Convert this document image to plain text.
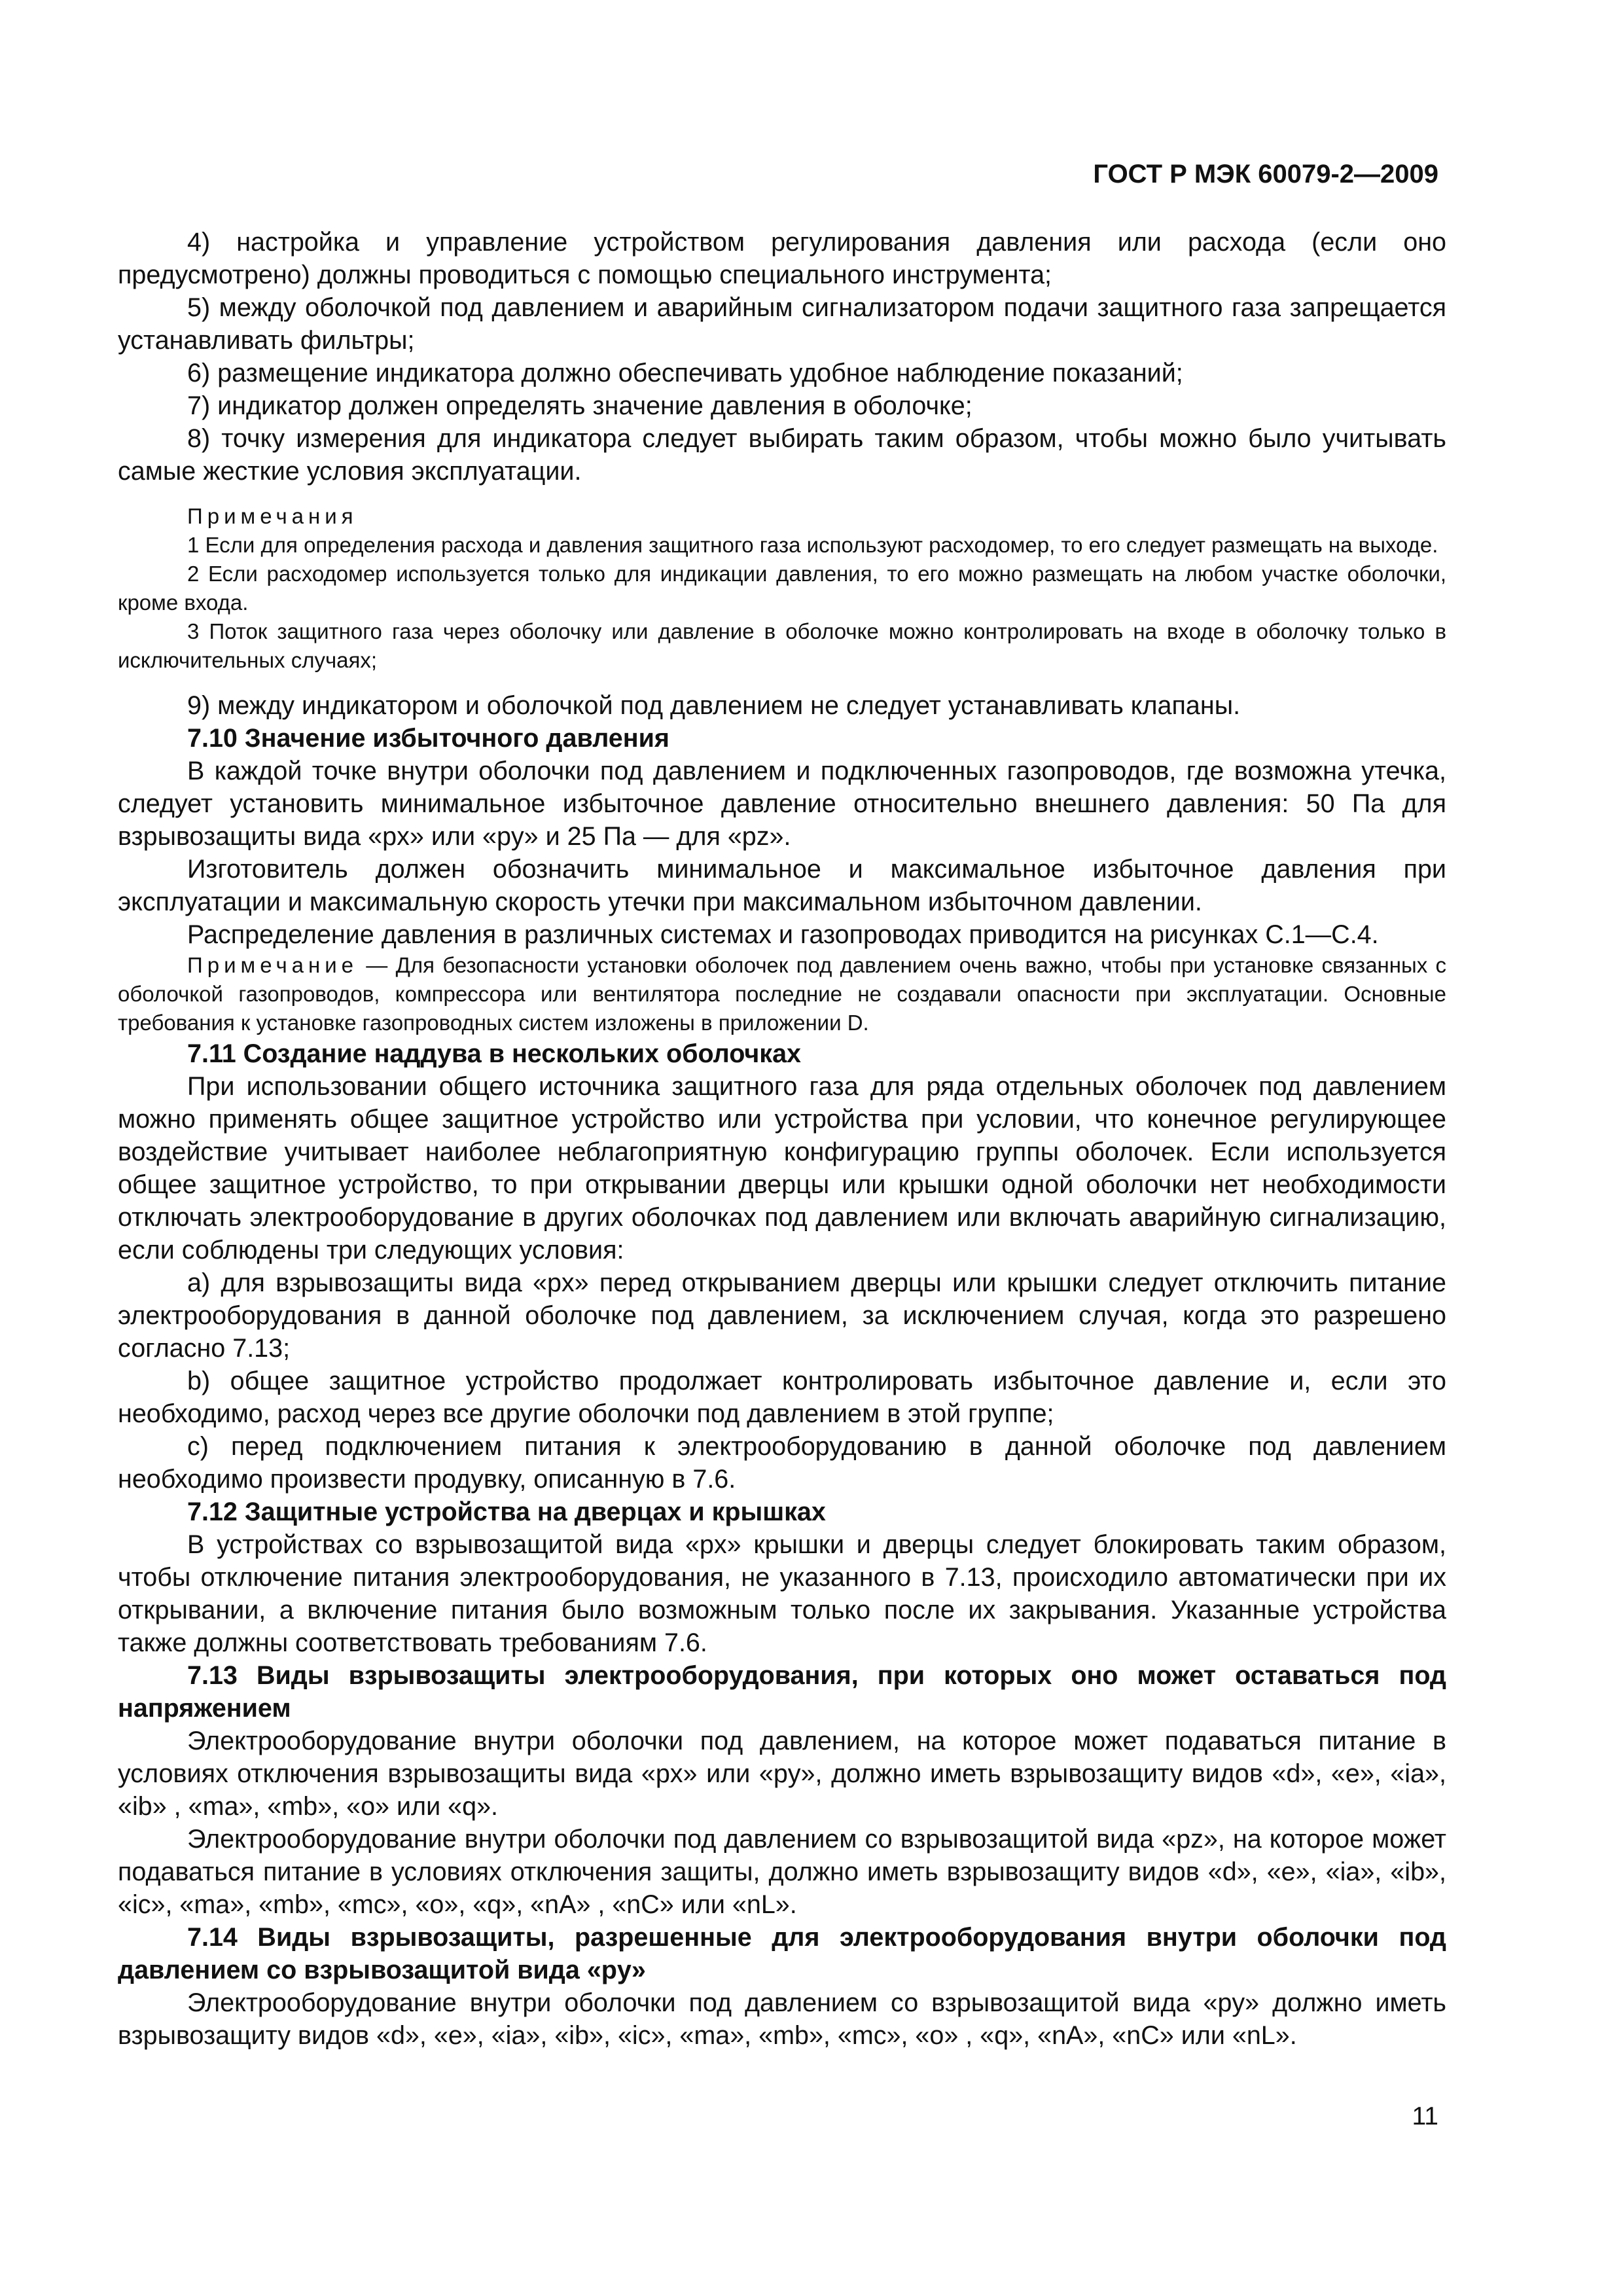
ГОСТ Р МЭК 60079-2—2009

4) настройка и управление устройством регулирования давления или расхода (если оно предусмотрено) должны проводиться с помощью специального инструмента;

5) между оболочкой под давлением и аварийным сигнализатором подачи защитного газа запрещается устанавливать фильтры;

6) размещение индикатора должно обеспечивать удобное наблюдение показаний;

7) индикатор должен определять значение давления в оболочке;

8) точку измерения для индикатора следует выбирать таким образом, чтобы можно было учитывать самые жесткие условия эксплуатации.

Примечания

1 Если для определения расхода и давления защитного газа используют расходомер, то его следует размещать на выходе.

2 Если расходомер используется только для индикации давления, то его можно размещать на любом участке оболочки, кроме входа.

3 Поток защитного газа через оболочку или давление в оболочке можно контролировать на входе в оболочку только в исключительных случаях;

9) между индикатором и оболочкой под давлением не следует устанавливать клапаны.

7.10 Значение избыточного давления

В каждой точке внутри оболочки под давлением и подключенных газопроводов, где возможна утечка, следует установить минимальное избыточное давление относительно внешнего давления: 50 Па для взрывозащиты вида «px» или «py» и 25 Па — для «pz».

Изготовитель должен обозначить минимальное и максимальное избыточное давления при эксплуатации и максимальную скорость утечки при максимальном избыточном давлении.

Распределение давления в различных системах и газопроводах приводится на рисунках С.1—С.4.

Примечание — Для безопасности установки оболочек под давлением очень важно, чтобы при установке связанных с оболочкой газопроводов, компрессора или вентилятора последние не создавали опасности при эксплуатации. Основные требования к установке газопроводных систем изложены в приложении D.

7.11 Создание наддува в нескольких оболочках

При использовании общего источника защитного газа для ряда отдельных оболочек под давлением можно применять общее защитное устройство или устройства при условии, что конечное регулирующее воздействие учитывает наиболее неблагоприятную конфигурацию группы оболочек. Если используется общее защитное устройство, то при открывании дверцы или крышки одной оболочки нет необходимости отключать электрооборудование в других оболочках под давлением или включать аварийную сигнализацию, если соблюдены три следующих условия:

a) для взрывозащиты вида «px» перед открыванием дверцы или крышки следует отключить питание электрооборудования в данной оболочке под давлением, за исключением случая, когда это разрешено согласно 7.13;

b) общее защитное устройство продолжает контролировать избыточное давление и, если это необходимо, расход через все другие оболочки под давлением в этой группе;

c) перед подключением питания к электрооборудованию в данной оболочке под давлением необходимо произвести продувку, описанную в 7.6.

7.12 Защитные устройства на дверцах и крышках

В устройствах со взрывозащитой вида «px» крышки и дверцы следует блокировать таким образом, чтобы отключение питания электрооборудования, не указанного в 7.13, происходило автоматически при их открывании, а включение питания было возможным только после их закрывания. Указанные устройства также должны соответствовать требованиям 7.6.

7.13 Виды взрывозащиты электрооборудования, при которых оно может оставаться под напряжением

Электрооборудование внутри оболочки под давлением, на которое может подаваться питание в условиях отключения взрывозащиты вида «px» или «py», должно иметь взрывозащиту видов «d», «e», «ia», «ib» , «ma», «mb», «o» или «q».

Электрооборудование внутри оболочки под давлением со взрывозащитой вида «pz», на которое может подаваться питание в условиях отключения защиты, должно иметь взрывозащиту видов «d», «e», «ia», «ib», «ic», «ma», «mb», «mc», «o», «q», «nA» , «nC» или «nL».

7.14 Виды взрывозащиты, разрешенные для электрооборудования внутри оболочки под давлением со взрывозащитой вида «py»

Электрооборудование внутри оболочки под давлением со взрывозащитой вида «py» должно иметь взрывозащиту видов «d», «e», «ia», «ib», «ic», «ma», «mb», «mc», «o» , «q», «nA», «nC» или «nL».

11
